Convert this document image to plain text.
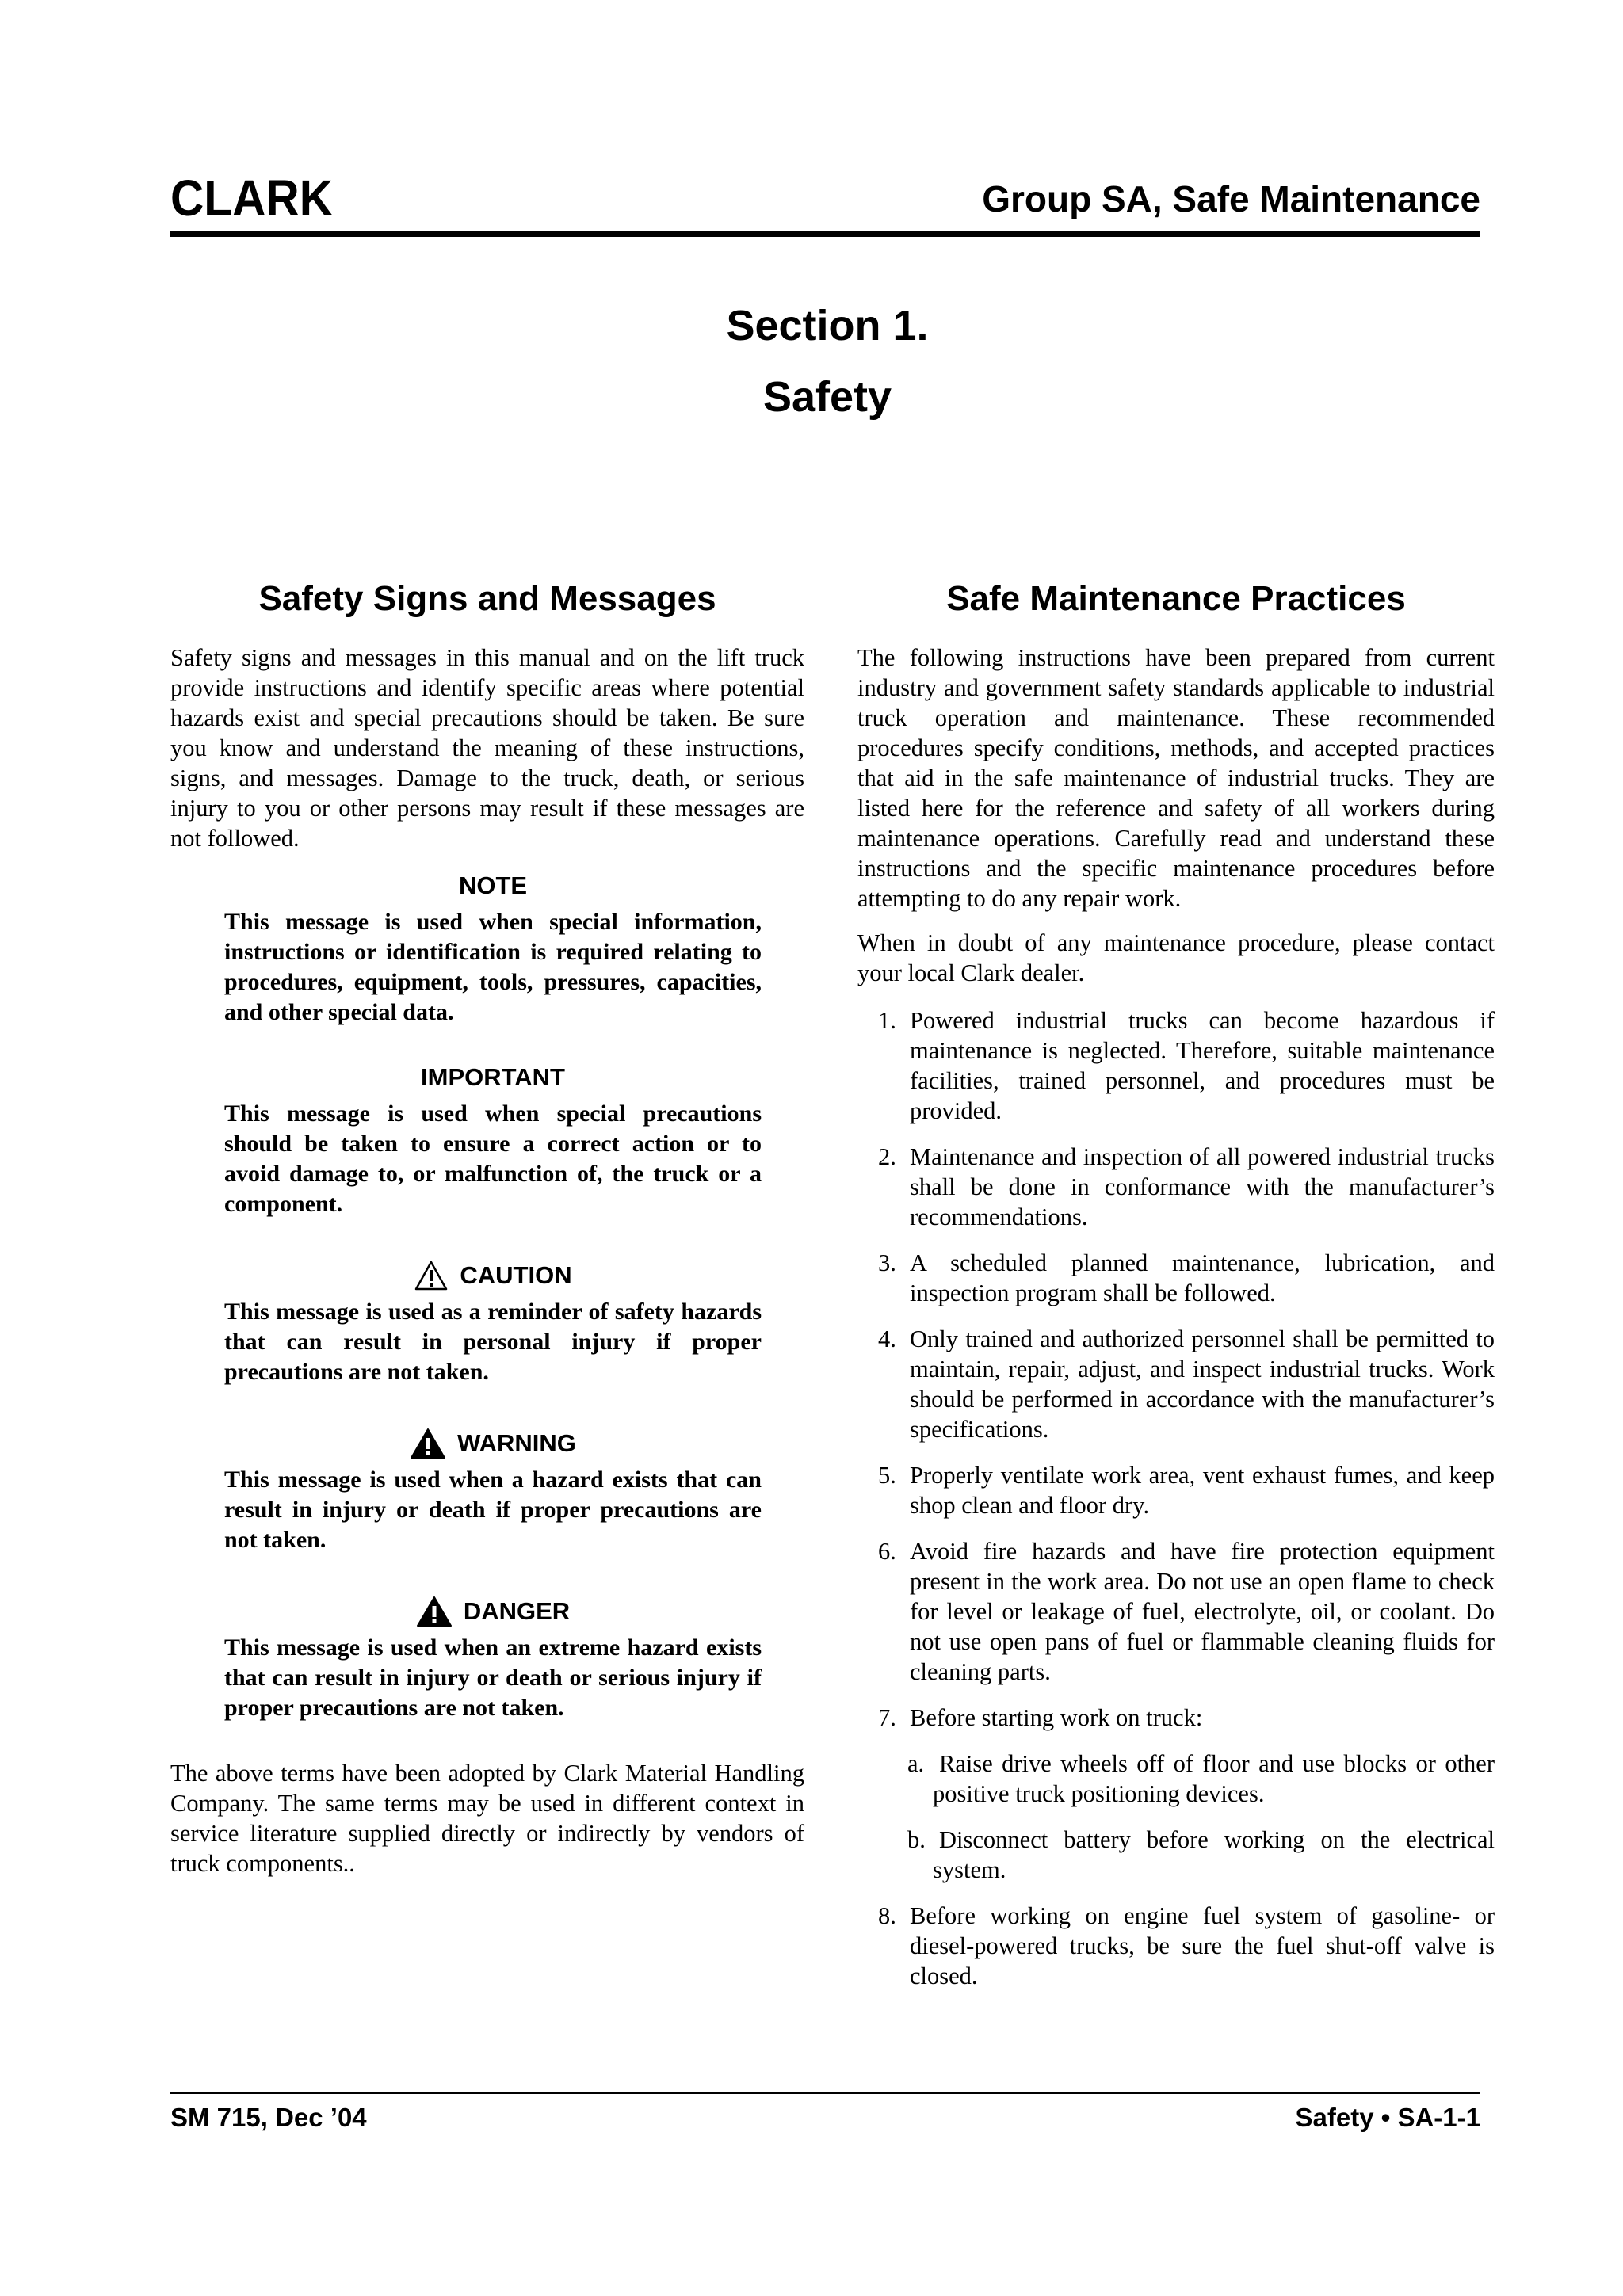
CLARK	Group SA, Safe Maintenance
Section 1.
Safety
Safety Signs and Messages

Safety signs and messages in this manual and on the lift truck provide instructions and identify specific areas where potential hazards exist and special precautions should be taken. Be sure you know and understand the meaning of these instructions, signs, and messages. Damage to the truck, death, or serious injury to you or other persons may result if these messages are not followed.

NOTE
This message is used when special information, instructions or identification is required relating to procedures, equipment, tools, pressures, capacities, and other special data.
IMPORTANT
This message is used when special precautions should be taken to ensure a correct action or to avoid damage to, or malfunction of, the truck or a component.
CAUTION
This message is used as a reminder of safety hazards that can result in personal injury if proper precautions are not taken.
WARNING
This message is used when a hazard exists that can result in injury or death if proper precautions are not taken.
DANGER
This message is used when an extreme hazard exists that can result in injury or death or serious injury if proper precautions are not taken.

The above terms have been adopted by Clark Material Handling Company. The same terms may be used in different context in service literature supplied directly or indirectly by vendors of truck components..

Safe Maintenance Practices

The following instructions have been prepared from current industry and government safety standards applicable to industrial truck operation and maintenance. These recommended procedures specify conditions, methods, and accepted practices that aid in the safe maintenance of industrial trucks. They are listed here for the reference and safety of all workers during maintenance operations. Carefully read and understand these instructions and the specific maintenance procedures before attempting to do any repair work.

When in doubt of any maintenance procedure, please contact your local Clark dealer.

1. Powered industrial trucks can become hazardous if maintenance is neglected. Therefore, suitable maintenance facilities, trained personnel, and procedures must be provided.
2. Maintenance and inspection of all powered industrial trucks shall be done in conformance with the manufacturer’s recommendations.
3. A scheduled planned maintenance, lubrication, and inspection program shall be followed.
4. Only trained and authorized personnel shall be permitted to maintain, repair, adjust, and inspect industrial trucks. Work should be performed in accordance with the manufacturer’s specifications.
5. Properly ventilate work area, vent exhaust fumes, and keep shop clean and floor dry.
6. Avoid fire hazards and have fire protection equipment present in the work area. Do not use an open flame to check for level or leakage of fuel, electrolyte, oil, or coolant. Do not use open pans of fuel or flammable cleaning fluids for cleaning parts.
7. Before starting work on truck:
a. Raise drive wheels off of floor and use blocks or other positive truck positioning devices.
b. Disconnect battery before working on the electrical system.
8. Before working on engine fuel system of gasoline- or diesel-powered trucks, be sure the fuel shut-off valve is closed.
SM 715, Dec ’04	Safety • SA-1-1
